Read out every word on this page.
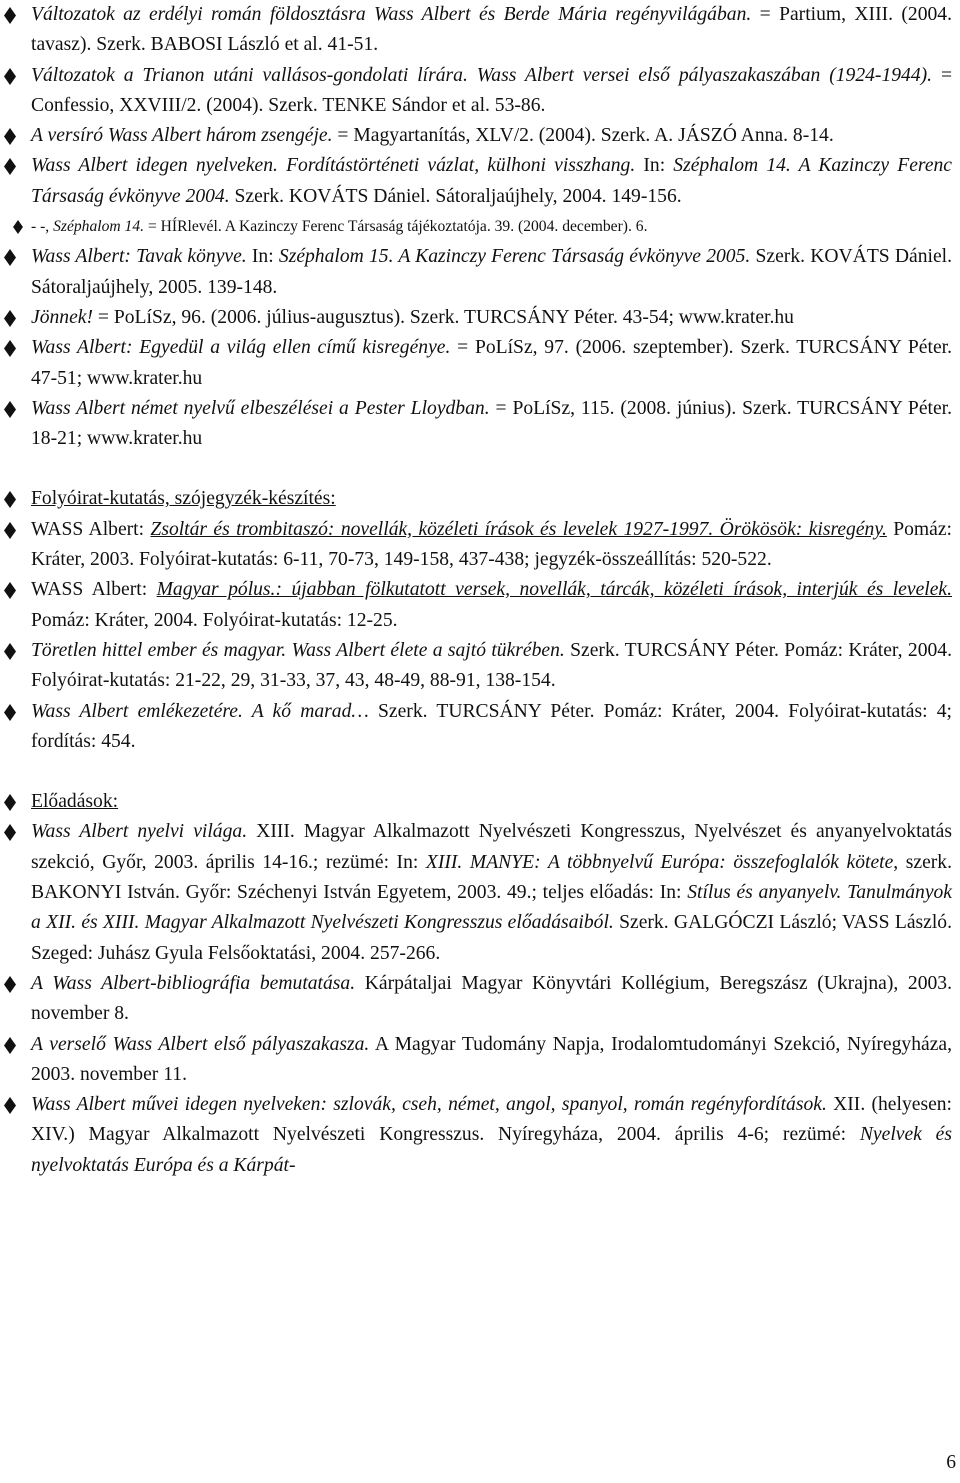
Változatok az erdélyi román földosztásra Wass Albert és Berde Mária regényvilágában. = Partium, XIII. (2004. tavasz). Szerk. BABOSI László et al. 41-51.
Változatok a Trianon utáni vallásos-gondolati lírára. Wass Albert versei első pályaszakaszában (1924-1944). = Confessio, XXVIII/2. (2004). Szerk. TENKE Sándor et al. 53-86.
A versíró Wass Albert három zsengéje. = Magyartanítás, XLV/2. (2004). Szerk. A. JÁSZÓ Anna. 8-14.
Wass Albert idegen nyelveken. Fordítástörténeti vázlat, külhoni visszhang. In: Széphalom 14. A Kazinczy Ferenc Társaság évkönyve 2004. Szerk. KOVÁTS Dániel. Sátoraljaújhely, 2004. 149-156.
- -, Széphalom 14. = HÍRlevél. A Kazinczy Ferenc Társaság tájékoztatója. 39. (2004. december). 6.
Wass Albert: Tavak könyve. In: Széphalom 15. A Kazinczy Ferenc Társaság évkönyve 2005. Szerk. KOVÁTS Dániel. Sátoraljaújhely, 2005. 139-148.
Jönnek! = PoLíSz, 96. (2006. július-augusztus). Szerk. TURCSÁNY Péter. 43-54; www.krater.hu
Wass Albert: Egyedül a világ ellen című kisregénye. = PoLíSz, 97. (2006. szeptember). Szerk. TURCSÁNY Péter. 47-51; www.krater.hu
Wass Albert német nyelvű elbeszélései a Pester Lloydban. = PoLíSz, 115. (2008. június). Szerk. TURCSÁNY Péter. 18-21; www.krater.hu
Folyóirat-kutatás, szójegyzék-készítés:
WASS Albert: Zsoltár és trombitaszó: novellák, közéleti írások és levelek 1927-1997. Örökösök: kisregény. Pomáz: Kráter, 2003. Folyóirat-kutatás: 6-11, 70-73, 149-158, 437-438; jegyzék-összeállítás: 520-522.
WASS Albert: Magyar pólus.: újabban fölkutatott versek, novellák, tárcák, közéleti írások, interjúk és levelek. Pomáz: Kráter, 2004. Folyóirat-kutatás: 12-25.
Töretlen hittel ember és magyar. Wass Albert élete a sajtó tükrében. Szerk. TURCSÁNY Péter. Pomáz: Kráter, 2004. Folyóirat-kutatás: 21-22, 29, 31-33, 37, 43, 48-49, 88-91, 138-154.
Wass Albert emlékezetére. A kő marad… Szerk. TURCSÁNY Péter. Pomáz: Kráter, 2004. Folyóirat-kutatás: 4; fordítás: 454.
Előadások:
Wass Albert nyelvi világa. XIII. Magyar Alkalmazott Nyelvészeti Kongresszus, Nyelvészet és anyanyelvoktatás szekció, Győr, 2003. április 14-16.; rezümé: In: XIII. MANYE: A többnyelvű Európa: összefoglalók kötete, szerk. BAKONYI István. Győr: Széchenyi István Egyetem, 2003. 49.; teljes előadás: In: Stílus és anyanyelv. Tanulmányok a XII. és XIII. Magyar Alkalmazott Nyelvészeti Kongresszus előadásaiból. Szerk. GALGÓCZI László; VASS László. Szeged: Juhász Gyula Felsőoktatási, 2004. 257-266.
A Wass Albert-bibliográfia bemutatása. Kárpátaljai Magyar Könyvtári Kollégium, Beregszász (Ukrajna), 2003. november 8.
A verselő Wass Albert első pályaszakasza. A Magyar Tudomány Napja, Irodalomtudományi Szekció, Nyíregyháza, 2003. november 11.
Wass Albert művei idegen nyelveken: szlovák, cseh, német, angol, spanyol, román regényfordítások. XII. (helyesen: XIV.) Magyar Alkalmazott Nyelvészeti Kongresszus. Nyíregyháza, 2004. április 4-6; rezümé: Nyelvek és nyelvoktatás Európa és a Kárpát-
6
